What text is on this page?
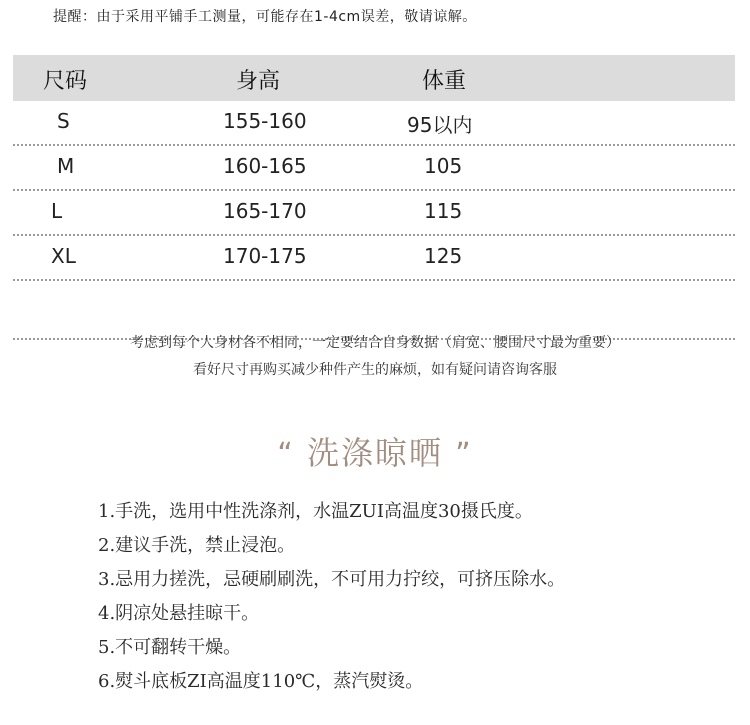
提醒：由于采用平铺手工测量，可能存在1-4cm误差，敬请谅解。
尺码	身高	体重
S	155-160	95以内
M	160-165	105
L	165-170	115
XL	170-175	125
考虑到每个人身材各不相同，一定要结合自身数据（肩宽、腰围尺寸最为重要）
看好尺寸再购买减少种件产生的麻烦，如有疑问请咨询客服
“ 洗涤晾晒 ”
1.手洗，选用中性洗涤剂，水温ZUI高温度30摄氏度。
2.建议手洗，禁止浸泡。
3.忌用力搓洗，忌硬刷刷洗，不可用力拧绞，可挤压除水。
4.阴凉处悬挂晾干。
5.不可翻转干燥。
6.熨斗底板ZI高温度110℃，蒸汽熨烫。
